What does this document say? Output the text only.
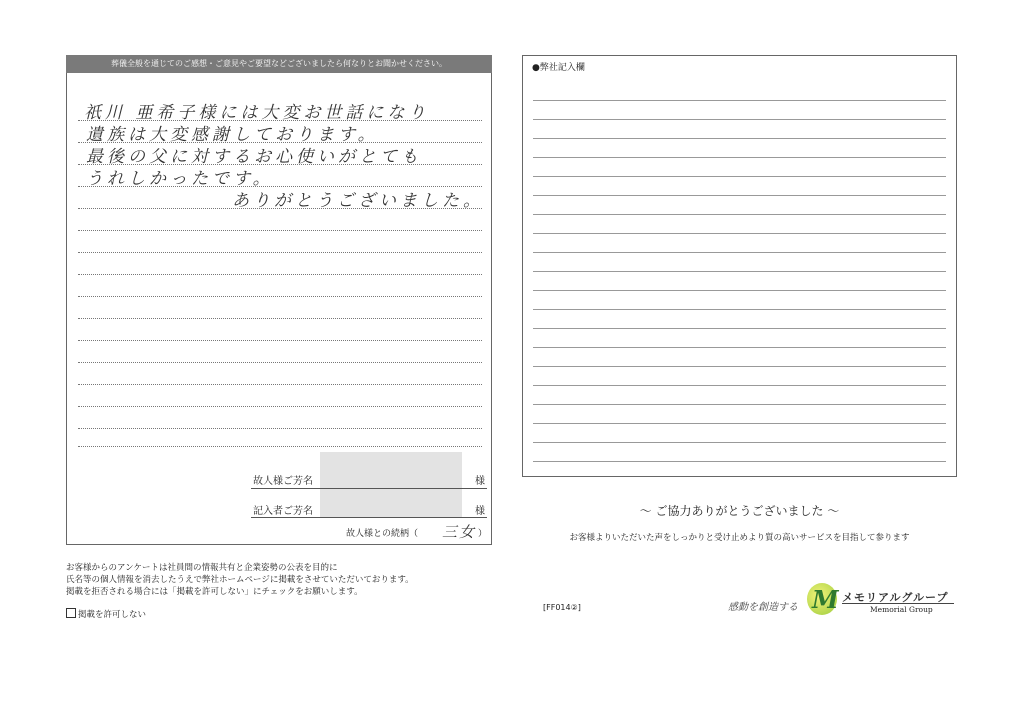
葬儀全般を通じてのご感想・ご意見やご要望などございましたら何なりとお聞かせください。
祇川 亜希子様には大変お世話になり
遺族は大変感謝しております。
最後の父に対するお心使いがとても
うれしかったです。
ありがとうございました。
故人様ご芳名	様
記入者ご芳名	様
故人様との続柄（ 三女 ）
●弊社記入欄
～ ご協力ありがとうございました ～
お客様よりいただいた声をしっかりと受け止めより質の高いサービスを目指して参ります
お客様からのアンケートは社員間の情報共有と企業姿勢の公表を目的に
氏名等の個人情報を消去したうえで弊社ホームページに掲載をさせていただいております。
掲載を拒否される場合には「掲載を許可しない」にチェックをお願いします。
掲載を許可しない
[FF014②]	感動を創造する M メモリアルグループ
Memorial Group
